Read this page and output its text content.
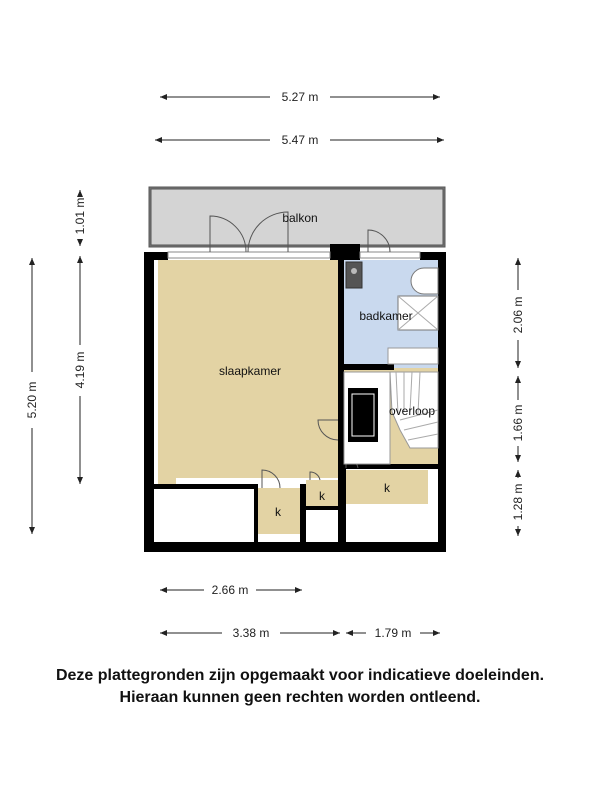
balkon
slaapkamer
badkamer
overloop
k
k
k
5.27 m
5.47 m
1.01 m
4.19 m
5.20 m
2.06 m
1.66 m
1.28 m
2.66 m
3.38 m	1.79 m
Deze plattegronden zijn opgemaakt voor indicatieve doeleinden.
Hieraan kunnen geen rechten worden ontleend.
